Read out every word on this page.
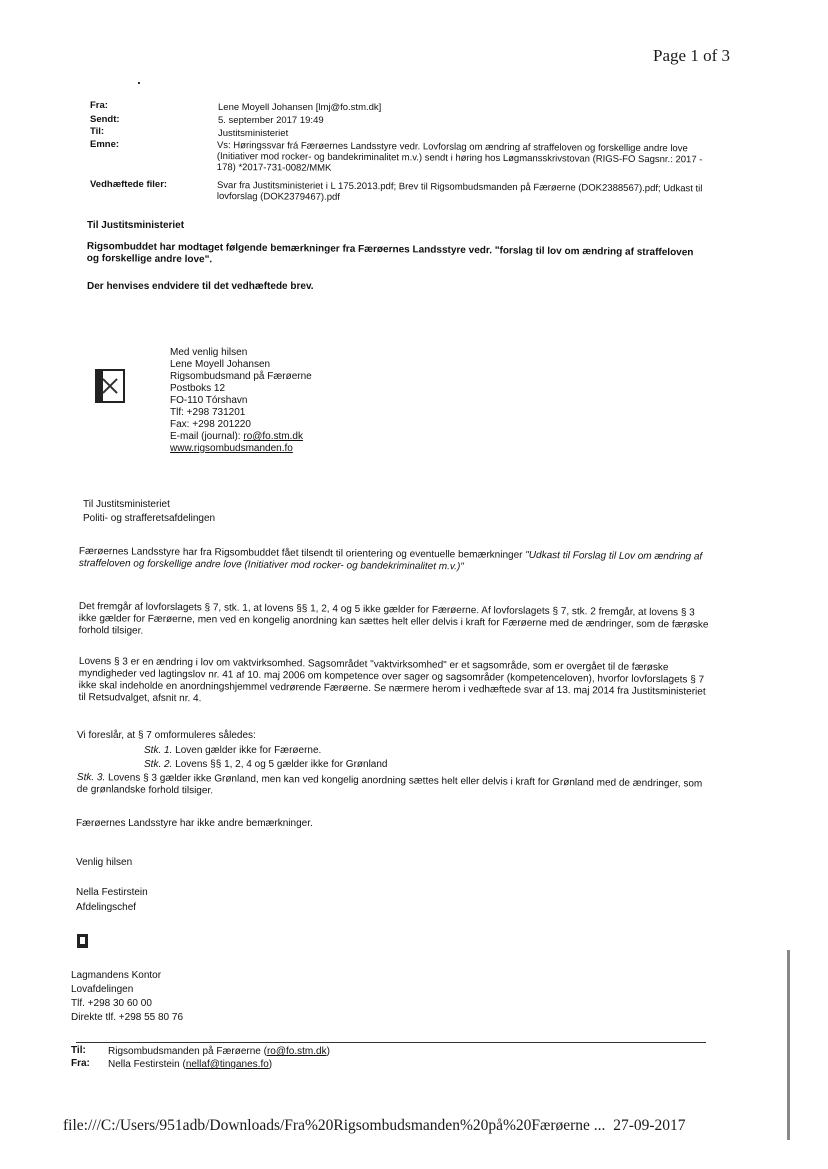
Page 1 of 3
Fra:	Lene Moyell Johansen [lmj@fo.stm.dk]
Sendt:	5. september 2017 19:49
Til:	Justitsministeriet
Emne:	Vs: Høringssvar frá Færøernes Landsstyre vedr. Lovforslag om ændring af straffeloven og forskellige andre love (Initiativer mod rocker- og bandekriminalitet m.v.) sendt i høring hos Løgmansskrivstovan (RIGS-FO Sagsnr.: 2017 - 178) *2017-731-0082/MMK
Vedhæftede filer:	Svar fra Justitsministeriet i L 175.2013.pdf; Brev til Rigsombudsmanden på Færøerne (DOK2388567).pdf; Udkast til lovforslag (DOK2379467).pdf
Til Justitsministeriet
Rigsombuddet har modtaget følgende bemærkninger fra Færøernes Landsstyre vedr. "forslag til lov om ændring af straffeloven og forskellige andre love".
Der henvises endvidere til det vedhæftede brev.
Med venlig hilsen
Lene Moyell Johansen
Rigsombudsmand på Færøerne
Postboks 12
FO-110 Tórshavn
Tlf: +298 731201
Fax: +298 201220
E-mail (journal): ro@fo.stm.dk
www.rigsombudsmanden.fo
Til Justitsministeriet
Politi- og strafferetsafdelingen
Færøernes Landsstyre har fra Rigsombuddet fået tilsendt til orientering og eventuelle bemærkninger "Udkast til Forslag til Lov om ændring af straffeloven og forskellige andre love (Initiativer mod rocker- og bandekriminalitet m.v.)"
Det fremgår af lovforslagets § 7, stk. 1, at lovens §§ 1, 2, 4 og 5 ikke gælder for Færøerne. Af lovforslagets § 7, stk. 2 fremgår, at lovens § 3 ikke gælder for Færøerne, men ved en kongelig anordning kan sættes helt eller delvis i kraft for Færøerne med de ændringer, som de færøske forhold tilsiger.
Lovens § 3 er en ændring i lov om vaktvirksomhed. Sagsområdet "vaktvirksomhed" er et sagsområde, som er overgået til de færøske myndigheder ved lagtingslov nr. 41 af 10. maj 2006 om kompetence over sager og sagsområder (kompetenceloven), hvorfor lovforslagets § 7 ikke skal indeholde en anordningshjemmel vedrørende Færøerne. Se nærmere herom i vedhæftede svar af 13. maj 2014 fra Justitsministeriet til Retsudvalget, afsnit nr. 4.
Vi foreslår, at § 7 omformuleres således:
Stk. 1. Loven gælder ikke for Færøerne.
Stk. 2. Lovens §§ 1, 2, 4 og 5 gælder ikke for Grønland
Stk. 3. Lovens § 3 gælder ikke Grønland, men kan ved kongelig anordning sættes helt eller delvis i kraft for Grønland med de ændringer, som de grønlandske forhold tilsiger.
Færøernes Landsstyre har ikke andre bemærkninger.
Venlig hilsen
Nella Festirstein
Afdelingschef
Lagmandens Kontor
Lovafdelingen
Tlf. +298 30 60 00
Direkte tlf. +298 55 80 76
Til: Rigsombudsmanden på Færøerne (ro@fo.stm.dk)
Fra: Nella Festirstein (nellaf@tinganes.fo)
file:///C:/Users/951adb/Downloads/Fra%20Rigsombudsmanden%20på%20Færøerne ... 27-09-2017
